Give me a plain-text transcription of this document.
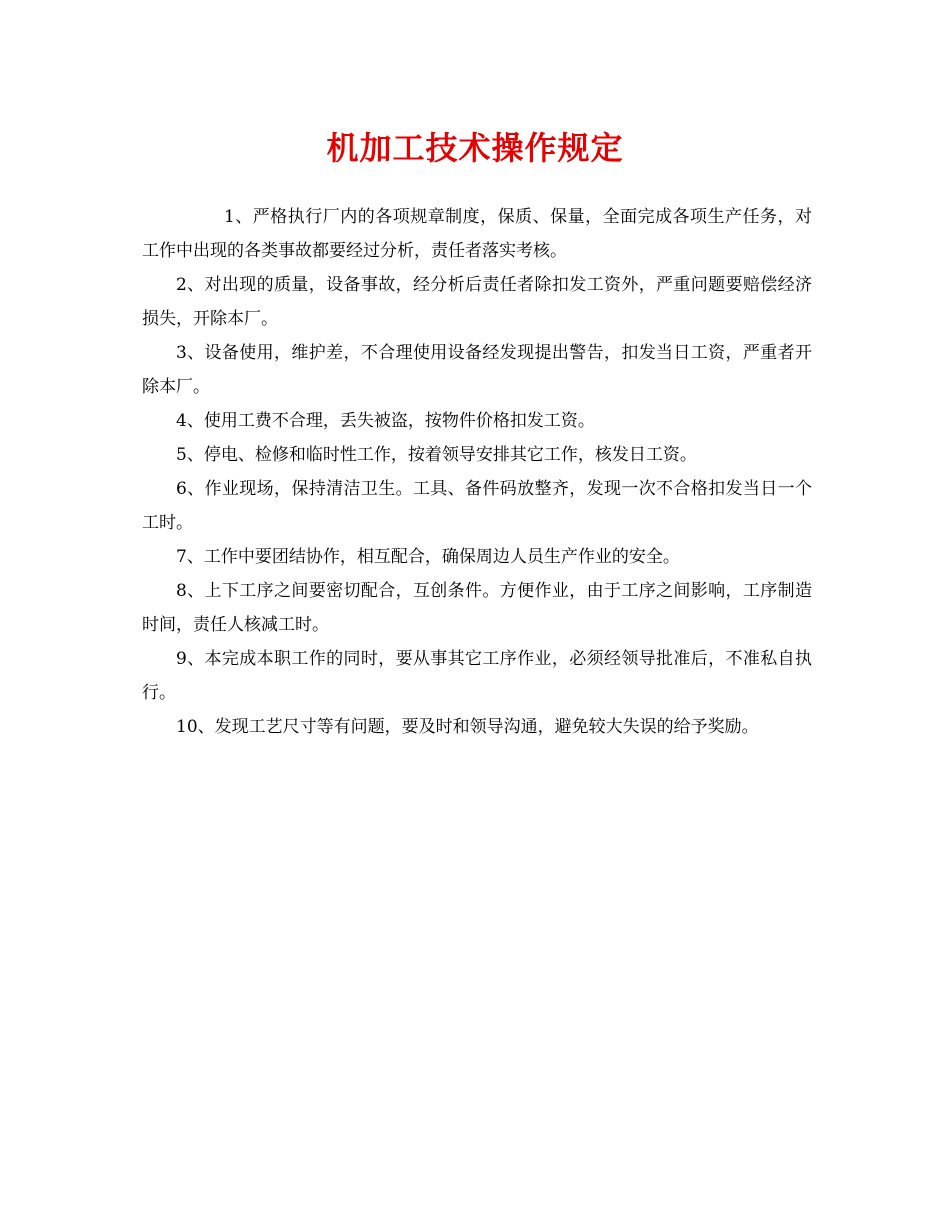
机加工技术操作规定

1、严格执行厂内的各项规章制度，保质、保量，全面完成各项生产任务，对工作中出现的各类事故都要经过分析，责任者落实考核。

2、对出现的质量，设备事故，经分析后责任者除扣发工资外，严重问题要赔偿经济损失，开除本厂。

3、设备使用，维护差，不合理使用设备经发现提出警告，扣发当日工资，严重者开除本厂。

4、使用工费不合理，丢失被盗，按物件价格扣发工资。

5、停电、检修和临时性工作，按着领导安排其它工作，核发日工资。

6、作业现场，保持清洁卫生。工具、备件码放整齐，发现一次不合格扣发当日一个工时。

7、工作中要团结协作，相互配合，确保周边人员生产作业的安全。

8、上下工序之间要密切配合，互创条件。方便作业，由于工序之间影响，工序制造时间，责任人核减工时。

9、本完成本职工作的同时，要从事其它工序作业，必须经领导批准后，不准私自执行。

10、发现工艺尺寸等有问题，要及时和领导沟通，避免较大失误的给予奖励。
